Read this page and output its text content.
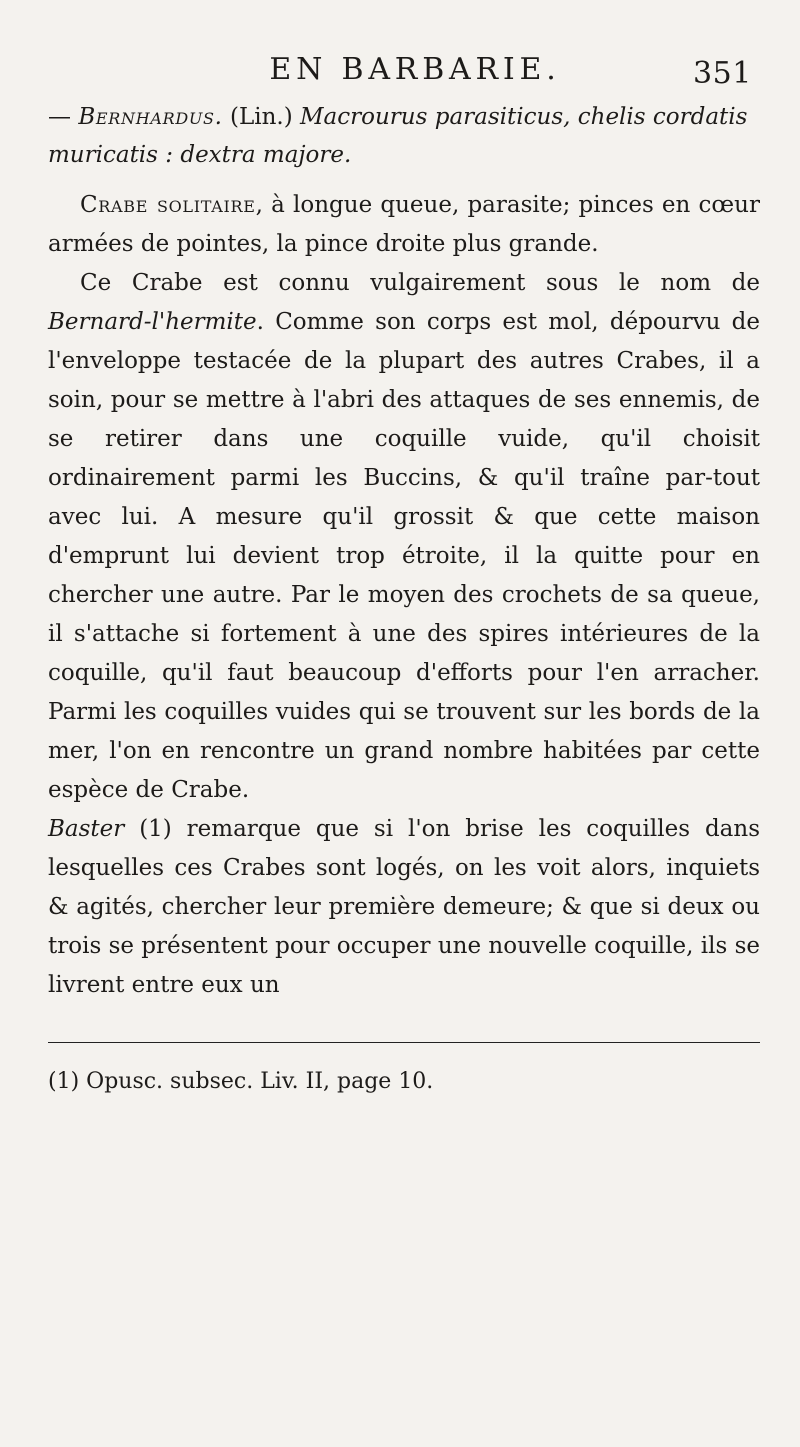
EN BARBARIE.	351

— Bernhardus. (Lin.) Macrourus parasiticus, chelis cordatis muricatis : dextra majore.

Crabe solitaire, à longue queue, parasite; pinces en cœur armées de pointes, la pince droite plus grande.

Ce Crabe est connu vulgairement sous le nom de Bernard-l'hermite. Comme son corps est mol, dépourvu de l'enveloppe testacée de la plupart des autres Crabes, il a soin, pour se mettre à l'abri des attaques de ses ennemis, de se retirer dans une coquille vuide, qu'il choisit ordinairement parmi les Buccins, & qu'il traîne par-tout avec lui. A mesure qu'il grossit & que cette maison d'emprunt lui devient trop étroite, il la quitte pour en chercher une autre. Par le moyen des crochets de sa queue, il s'attache si fortement à une des spires intérieures de la coquille, qu'il faut beaucoup d'efforts pour l'en arracher. Parmi les coquilles vuides qui se trouvent sur les bords de la mer, l'on en rencontre un grand nombre habitées par cette espèce de Crabe.

Baster (1) remarque que si l'on brise les coquilles dans lesquelles ces Crabes sont logés, on les voit alors, inquiets & agités, chercher leur première demeure; & que si deux ou trois se présentent pour occuper une nouvelle coquille, ils se livrent entre eux un

(1) Opusc. subsec. Liv. II, page 10.
